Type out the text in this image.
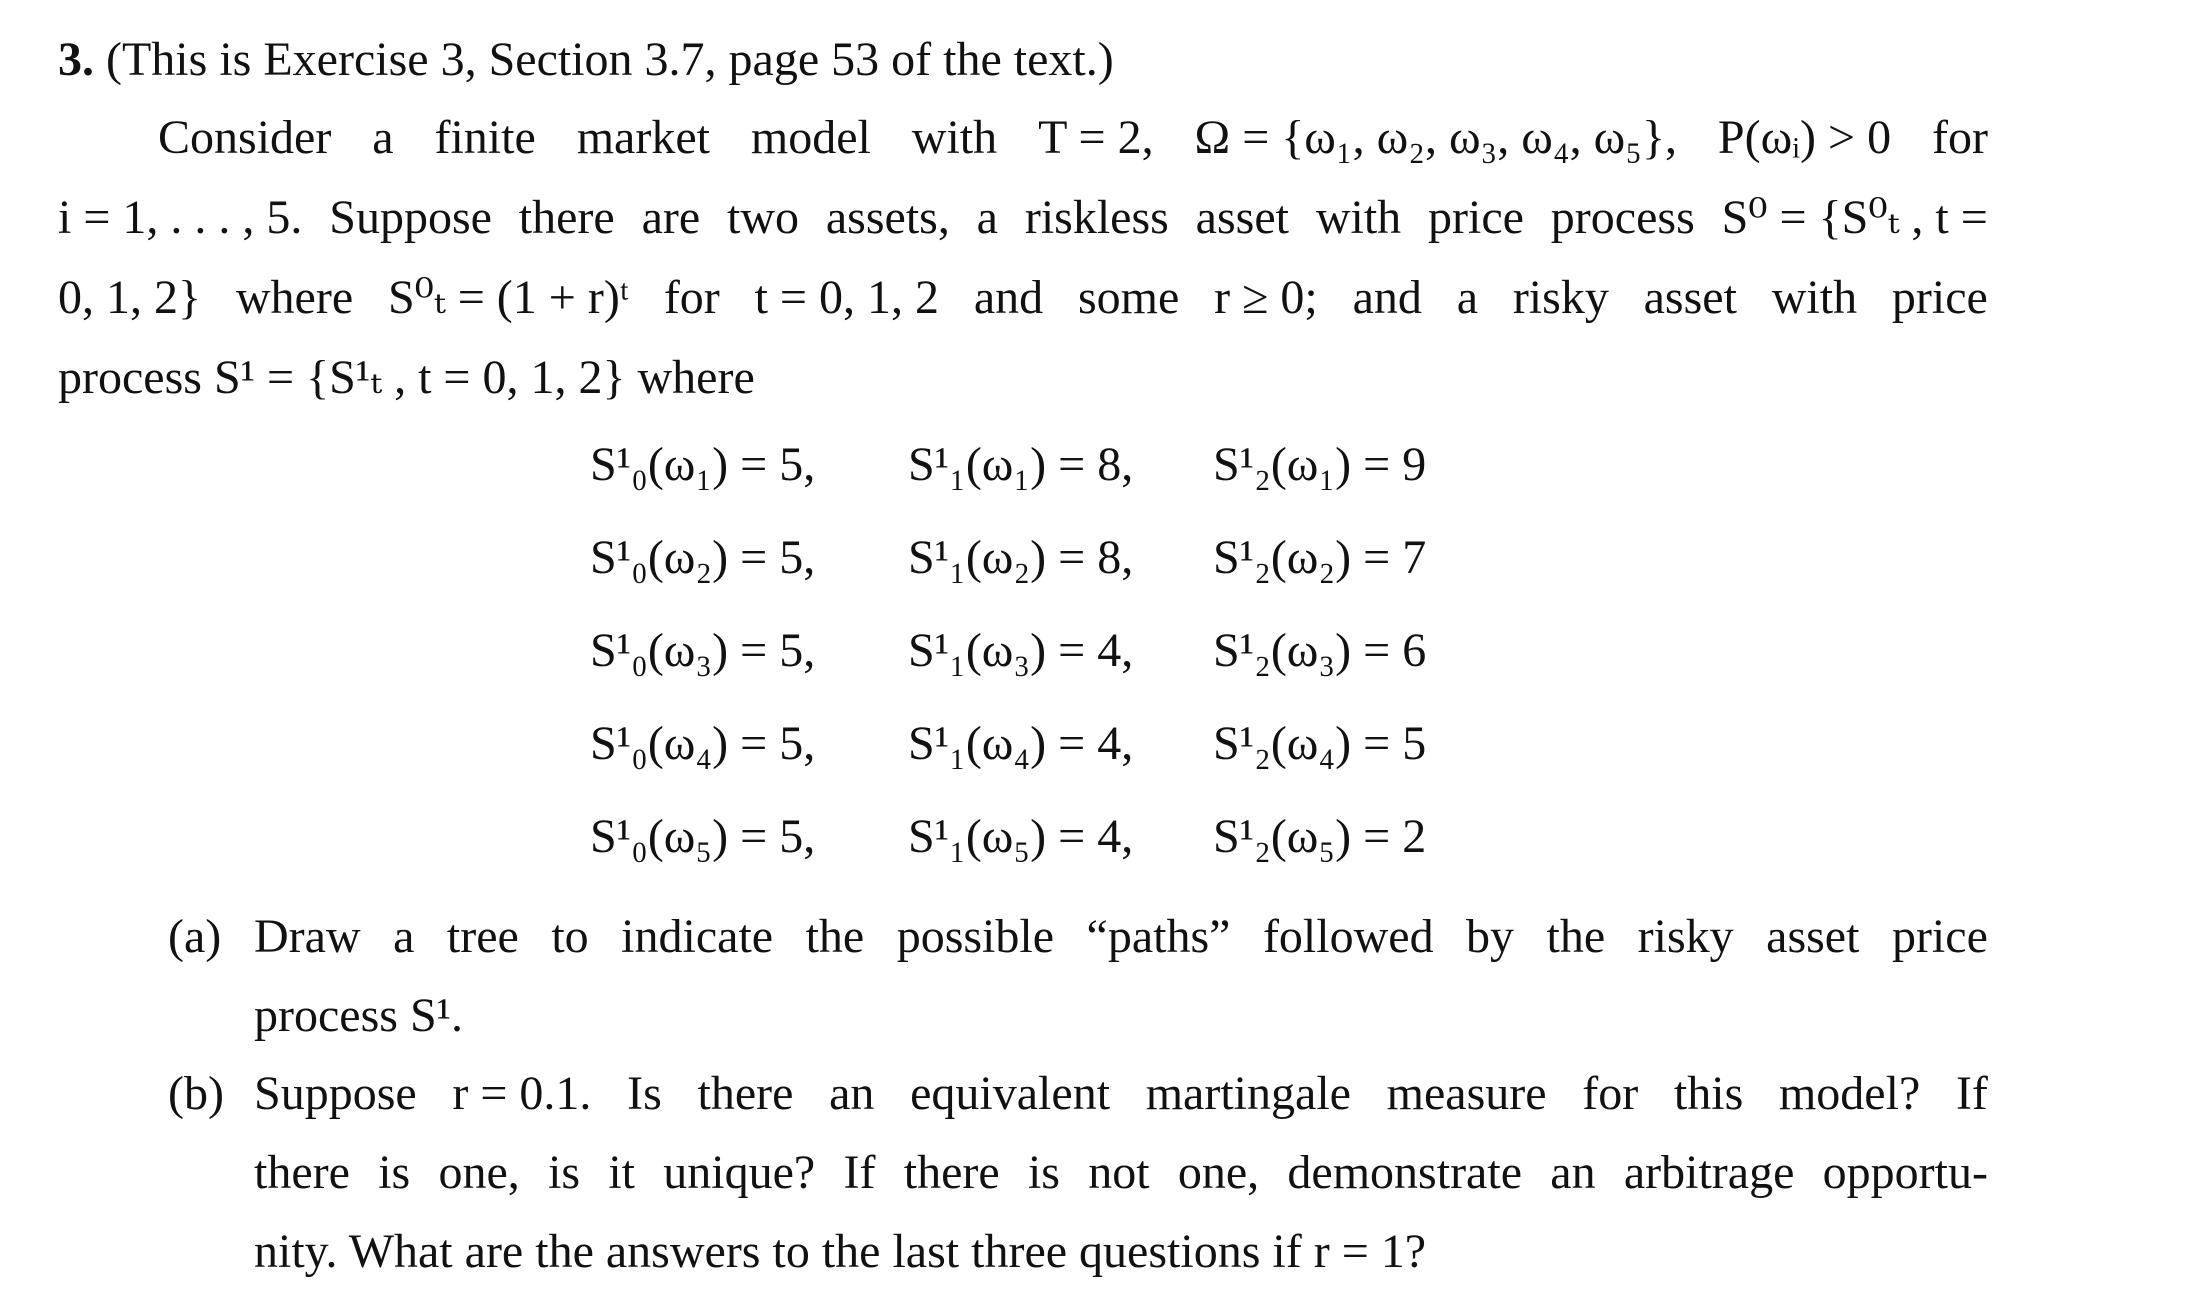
3. (This is Exercise 3, Section 3.7, page 53 of the text.)
Consider a finite market model with T = 2, Ω = {ω₁, ω₂, ω₃, ω₄, ω₅}, P(ωᵢ) > 0 for
i = 1, . . . , 5. Suppose there are two assets, a riskless asset with price process S⁰ = {S⁰ₜ , t =
0, 1, 2} where S⁰ₜ = (1 + r)ᵗ for t = 0, 1, 2 and some r ≥ 0; and a risky asset with price
process S¹ = {S¹ₜ , t = 0, 1, 2} where
S¹₀(ω₁) = 5,	S¹₁(ω₁) = 8,	S¹₂(ω₁) = 9
S¹₀(ω₂) = 5,	S¹₁(ω₂) = 8,	S¹₂(ω₂) = 7
S¹₀(ω₃) = 5,	S¹₁(ω₃) = 4,	S¹₂(ω₃) = 6
S¹₀(ω₄) = 5,	S¹₁(ω₄) = 4,	S¹₂(ω₄) = 5
S¹₀(ω₅) = 5,	S¹₁(ω₅) = 4,	S¹₂(ω₅) = 2
(a) Draw a tree to indicate the possible “paths” followed by the risky asset price
process S¹.
(b) Suppose r = 0.1. Is there an equivalent martingale measure for this model? If
there is one, is it unique? If there is not one, demonstrate an arbitrage opportu-
nity. What are the answers to the last three questions if r = 1?
